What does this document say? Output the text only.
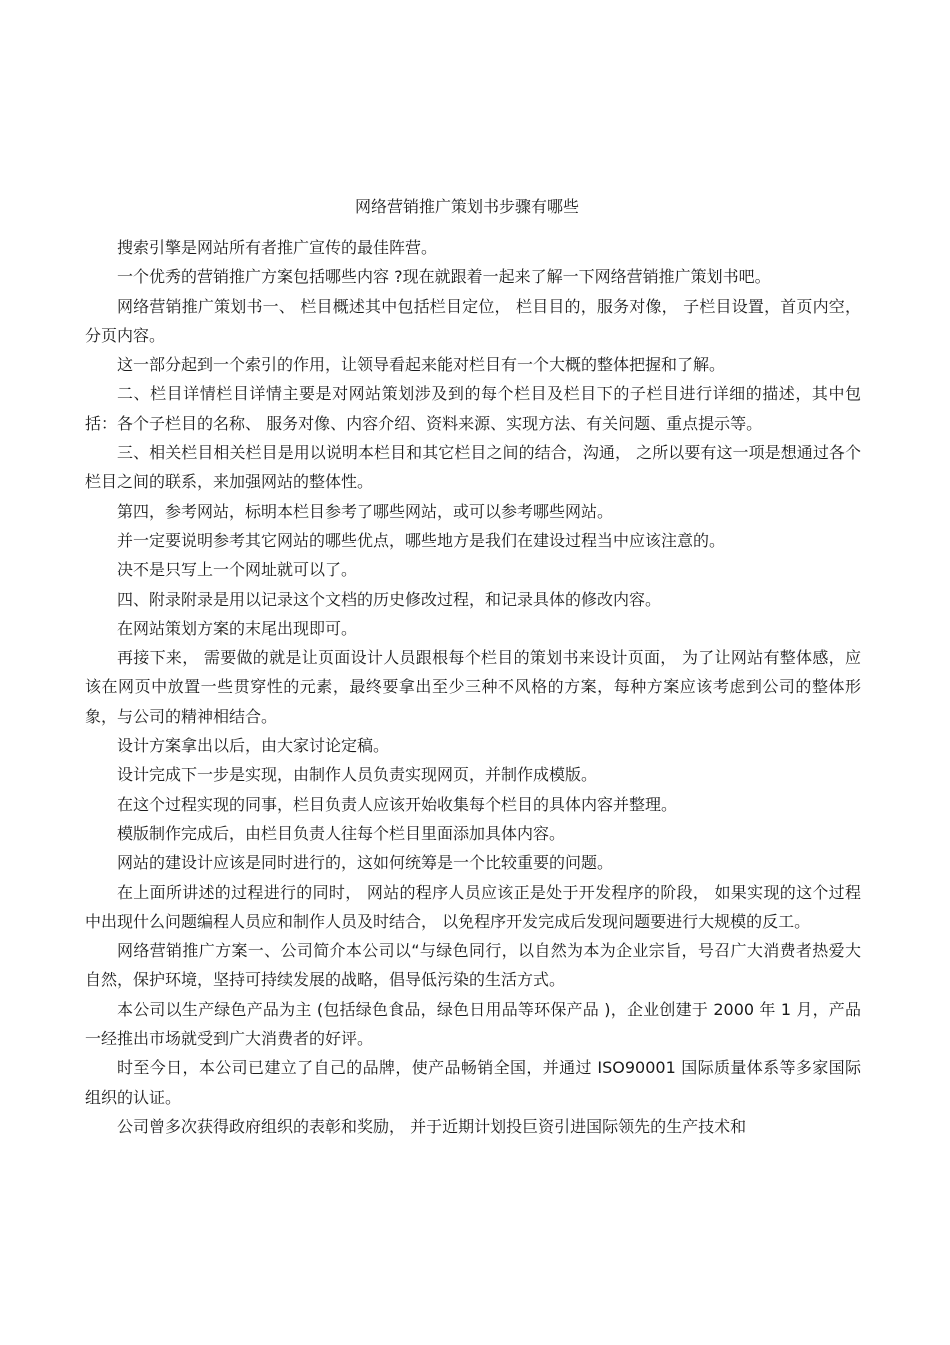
网络营销推广策划书步骤有哪些

搜索引擎是网站所有者推广宣传的最佳阵营。

一个优秀的营销推广方案包括哪些内容 ?现在就跟着一起来了解一下网络营销推广策划书吧。

网络营销推广策划书一、 栏目概述其中包括栏目定位， 栏目目的，服务对像， 子栏目设置，首页内空，分页内容。

这一部分起到一个索引的作用，让领导看起来能对栏目有一个大概的整体把握和了解。

二、栏目详情栏目详情主要是对网站策划涉及到的每个栏目及栏目下的子栏目进行详细的描述，其中包括：各个子栏目的名称、 服务对像、内容介绍、资料来源、实现方法、有关问题、重点提示等。

三、相关栏目相关栏目是用以说明本栏目和其它栏目之间的结合，沟通， 之所以要有这一项是想通过各个栏目之间的联系，来加强网站的整体性。

第四，参考网站，标明本栏目参考了哪些网站，或可以参考哪些网站。

并一定要说明参考其它网站的哪些优点，哪些地方是我们在建设过程当中应该注意的。

决不是只写上一个网址就可以了。

四、附录附录是用以记录这个文档的历史修改过程，和记录具体的修改内容。

在网站策划方案的末尾出现即可。

再接下来， 需要做的就是让页面设计人员跟根每个栏目的策划书来设计页面， 为了让网站有整体感，应该在网页中放置一些贯穿性的元素，最终要拿出至少三种不风格的方案，每种方案应该考虑到公司的整体形象，与公司的精神相结合。

设计方案拿出以后，由大家讨论定稿。

设计完成下一步是实现，由制作人员负责实现网页，并制作成模版。

在这个过程实现的同事，栏目负责人应该开始收集每个栏目的具体内容并整理。

模版制作完成后，由栏目负责人往每个栏目里面添加具体内容。

网站的建设计应该是同时进行的，这如何统筹是一个比较重要的问题。

在上面所讲述的过程进行的同时， 网站的程序人员应该正是处于开发程序的阶段， 如果实现的这个过程中出现什么问题编程人员应和制作人员及时结合， 以免程序开发完成后发现问题要进行大规模的反工。

网络营销推广方案一、公司简介本公司以“与绿色同行，以自然为本为企业宗旨，号召广大消费者热爱大自然，保护环境，坚持可持续发展的战略，倡导低污染的生活方式。

本公司以生产绿色产品为主 (包括绿色食品，绿色日用品等环保产品 )，企业创建于 2000 年 1 月，产品一经推出市场就受到广大消费者的好评。

时至今日，本公司已建立了自己的品牌，使产品畅销全国，并通过 ISO90001 国际质量体系等多家国际组织的认证。

公司曾多次获得政府组织的表彰和奖励， 并于近期计划投巨资引进国际领先的生产技术和
